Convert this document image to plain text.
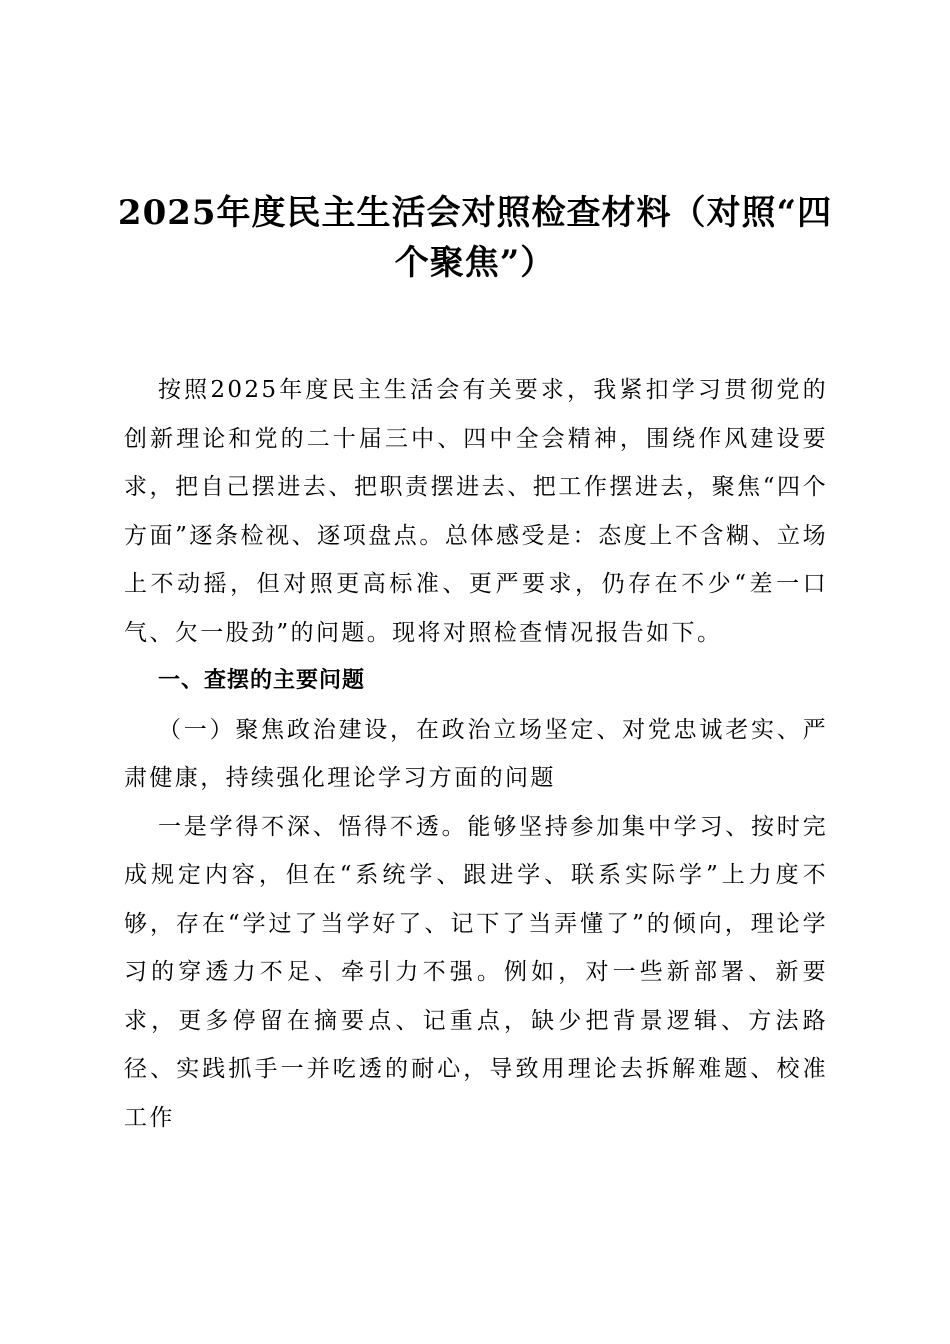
2025年度民主生活会对照检查材料（对照“四个聚焦”）

按照2025年度民主生活会有关要求，我紧扣学习贯彻党的创新理论和党的二十届三中、四中全会精神，围绕作风建设要求，把自己摆进去、把职责摆进去、把工作摆进去，聚焦“四个方面”逐条检视、逐项盘点。总体感受是：态度上不含糊、立场上不动摇，但对照更高标准、更严要求，仍存在不少“差一口气、欠一股劲”的问题。现将对照检查情况报告如下。

一、查摆的主要问题
（一）聚焦政治建设，在政治立场坚定、对党忠诚老实、严肃健康，持续强化理论学习方面的问题

一是学得不深、悟得不透。能够坚持参加集中学习、按时完成规定内容，但在“系统学、跟进学、联系实际学”上力度不够，存在“学过了当学好了、记下了当弄懂了”的倾向，理论学习的穿透力不足、牵引力不强。例如，对一些新部署、新要求，更多停留在摘要点、记重点，缺少把背景逻辑、方法路径、实践抓手一并吃透的耐心，导致用理论去拆解难题、校准工作
